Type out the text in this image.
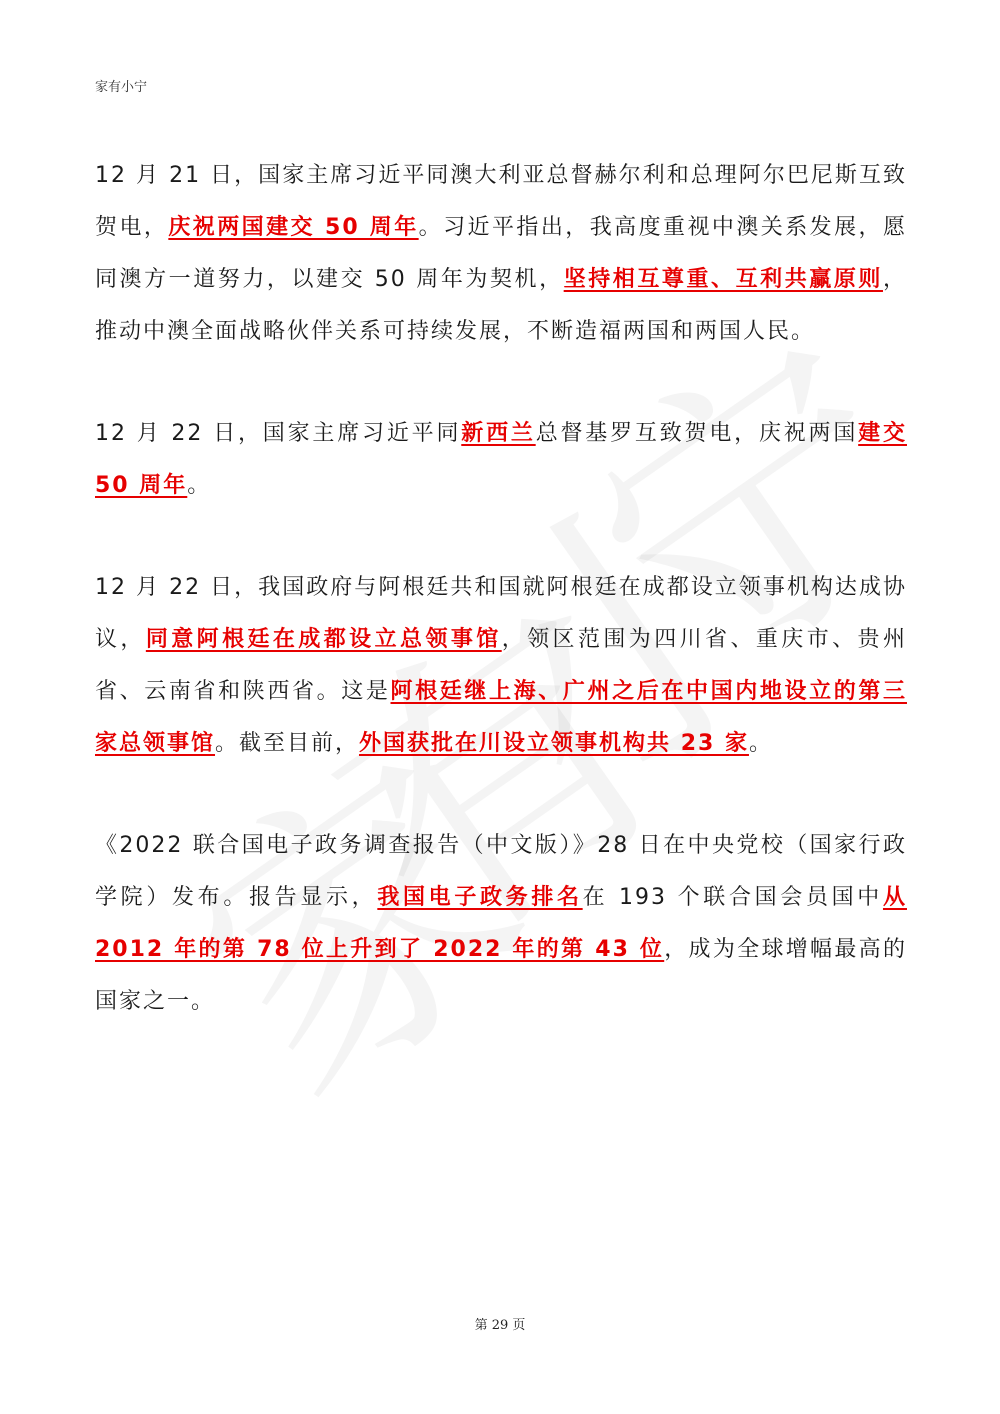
家有小宁

12 月 21 日，国家主席习近平同澳大利亚总督赫尔利和总理阿尔巴尼斯互致贺电，庆祝两国建交 50 周年。习近平指出，我高度重视中澳关系发展，愿同澳方一道努力，以建交 50 周年为契机，坚持相互尊重、互利共赢原则，推动中澳全面战略伙伴关系可持续发展，不断造福两国和两国人民。

12 月 22 日，国家主席习近平同新西兰总督基罗互致贺电，庆祝两国建交 50 周年。

12 月 22 日，我国政府与阿根廷共和国就阿根廷在成都设立领事机构达成协议，同意阿根廷在成都设立总领事馆，领区范围为四川省、重庆市、贵州省、云南省和陕西省。这是阿根廷继上海、广州之后在中国内地设立的第三家总领事馆。截至目前，外国获批在川设立领事机构共 23 家。

《2022 联合国电子政务调查报告（中文版）》28 日在中央党校（国家行政学院）发布。报告显示，我国电子政务排名在 193 个联合国会员国中从 2012 年的第 78 位上升到了 2022 年的第 43 位，成为全球增幅最高的国家之一。

第 29 页
